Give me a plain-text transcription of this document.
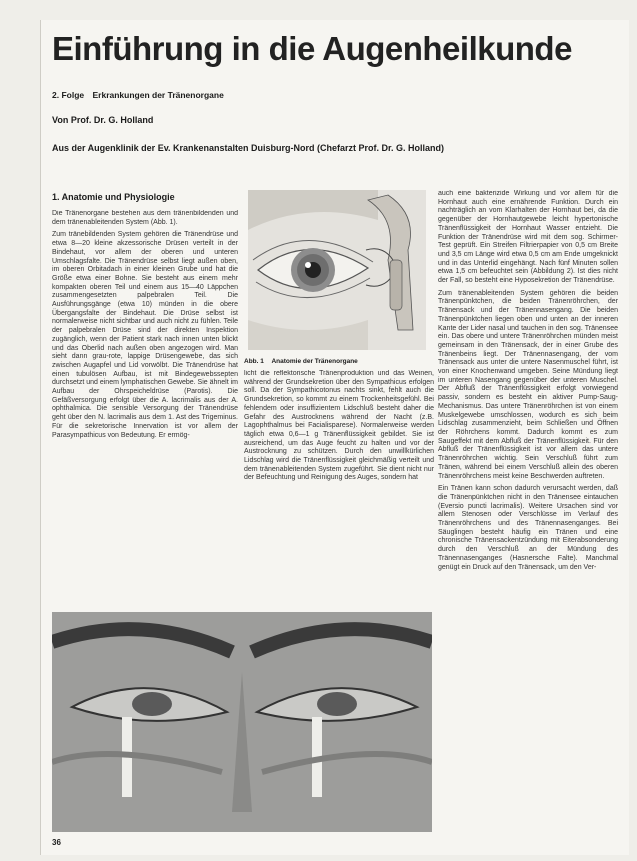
Einführung in die Augenheilkunde
2. Folge Erkrankungen der Tränenorgane
Von Prof. Dr. G. Holland
Aus der Augenklinik der Ev. Krankenanstalten Duisburg-Nord (Chefarzt Prof. Dr. G. Holland)
1. Anatomie und Physiologie

Die Tränenorgane bestehen aus dem tränenbildenden und dem tränenableitenden System (Abb. 1).

Zum tränebildenden System gehören die Tränendrüse und etwa 8—20 kleine akzessorische Drüsen verteilt in der Bindehaut, vor allem der oberen und unteren Umschlagsfalte. Die Tränendrüse selbst liegt außen oben, im oberen Orbitadach in einer kleinen Grube und hat die Größe etwa einer Bohne. Sie besteht aus einem mehr kompakten oberen Teil und einem aus 15—40 Läppchen zusammengesetzten palpebralen Teil. Die Ausführungsgänge (etwa 10) münden in die obere Übergangsfalte der Bindehaut. Die Drüse selbst ist normalerweise nicht sichtbar und auch nicht zu fühlen. Teile der palpebralen Drüse sind der direkten Inspektion zugänglich, wenn der Patient stark nach innen unten blickt und das Oberlid nach außen oben angezogen wird. Man sieht dann grau-rote, lappige Drüsengewebe, das sich zwischen Augapfel und Lid vorwölbt. Die Tränendrüse hat einen tubulösen Aufbau, ist mit Bindegewebssepten durchsetzt und einem lymphatischen Gewebe. Sie ähnelt im Aufbau der Ohrspeicheldrüse (Parotis). Die Gefäßversorgung erfolgt über die A. lacrimalis aus der A. ophthalmica. Die sensible Versorgung der Tränendrüse geht über den N. lacrimalis aus dem 1. Ast des Trigeminus. Für die sekretorische Innervation ist vor allem der Parasympathicus von Bedeutung. Er ermög-

Abb. 1 Anatomie der Tränenorgane

licht die reflektorische Tränenproduktion und das Weinen, während der Grundsekretion über den Sympathicus erfolgen soll. Da der Sympathicotonus nachts sinkt, fehlt auch die Grundsekretion, so kommt zu einem Trockenheitsgefühl. Bei fehlendem oder insuffizientem Lidschluß besteht daher die Gefahr des Austrocknens während der Nacht (z.B. Lagophthalmus bei Facialisparese). Normalerweise werden täglich etwa 0,6—1 g Tränenflüssigkeit gebildet. Sie ist ausreichend, um das Auge feucht zu halten und vor der Austrocknung zu schützen. Durch den unwillkürlichen Lidschlag wird die Tränenflüssigkeit gleichmäßig verteilt und dem tränenableitenden System zugeführt. Sie dient nicht nur der Befeuchtung und Reinigung des Auges, sondern hat

auch eine bakterizide Wirkung und vor allem für die Hornhaut auch eine ernährende Funktion. Durch ein nachträglich an vom Klarhalten der Hornhaut bei, da die gegenüber der Hornhautgewebe leicht hypertonische Tränenflüssigkeit der Hornhaut Wasser entzieht. Die Funktion der Tränendrüse wird mit dem sog. Schirmer-Test geprüft. Ein Streifen Filtrierpapier von 0,5 cm Breite und 3,5 cm Länge wird etwa 0,5 cm am Ende umgeknickt und in das Unterlid eingehängt. Nach fünf Minuten sollen etwa 1,5 cm befeuchtet sein (Abbildung 2). Ist dies nicht der Fall, so besteht eine Hyposekretion der Tränendrüse.

Zum tränenableitenden System gehören die beiden Tränenpünktchen, die beiden Tränenröhrchen, der Tränensack und der Tränennasengang. Die beiden Tränenpünktchen liegen oben und unten an der inneren Kante der Lider nasal und tauchen in den sog. Tränensee ein. Das obere und untere Tränenröhrchen münden meist gemeinsam in den Tränensack, der in einer Grube des Tränenbeins liegt. Der Tränennasengang, der vom Tränensack aus unter die untere Nasenmuschel führt, ist von einer Knochenwand umgeben. Seine Mündung liegt im unteren Nasengang gegenüber der unteren Muschel. Der Abfluß der Tränenflüssigkeit erfolgt vorwiegend passiv, sondern es besteht ein aktiver Pump-Saug-Mechanismus. Das untere Tränenröhrchen ist von einem Muskelgewebe umschlossen, wodurch es sich beim Lidschlag zusammenzieht, beim Schließen und Öffnen der Röhrchens kommt. Dadurch kommt es zum Saugeffekt mit dem Abfluß der Tränenflüssigkeit. Für den Abfluß der Tränenflüssigkeit ist vor allem das untere Tränenröhrchen wichtig. Sein Verschluß führt zum Tränen, während bei einem Verschluß allein des oberen Tränenröhrchens meist keine Beschwerden auftreten.

Ein Tränen kann schon dadurch verursacht werden, daß die Tränenpünktchen nicht in den Tränensee eintauchen (Eversio puncti lacrimalis). Weitere Ursachen sind vor allem Stenosen oder Verschlüsse im Verlauf des Tränenröhrchens und des Tränennasenganges. Bei Säuglingen besteht häufig ein Tränen und eine chronische Tränensackentzündung mit Eiterabsonderung durch den Verschluß an der Mündung des Tränennasenganges (Hasnersche Falte). Manchmal genügt ein Druck auf den Tränensack, um den Ver-

36
